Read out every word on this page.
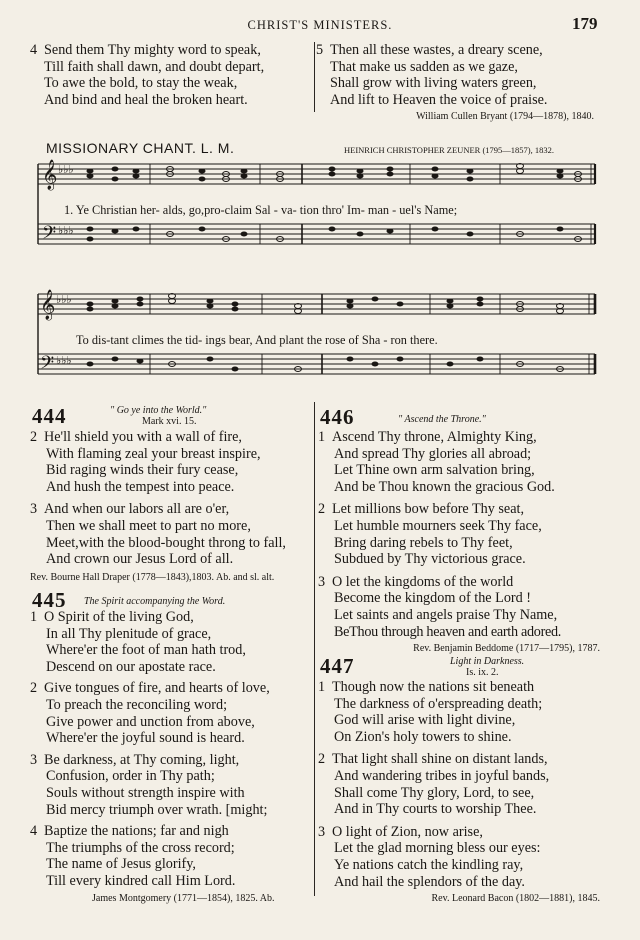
CHRIST'S MINISTERS.	179
4 Send them Thy mighty word to speak,
Till faith shall dawn, and doubt depart,
To awe the bold, to stay the weak,
And bind and heal the broken heart.
5 Then all these wastes, a dreary scene,
That make us sadden as we gaze,
Shall grow with living waters green,
And lift to Heaven the voice of praise.
William Cullen Bryant (1794—1878), 1840.
MISSIONARY CHANT. L. M.	HEINRICH CHRISTOPHER ZEUNER (1795—1857), 1832.
𝄞
𝄢
♭♭♭
♭♭♭
1. Ye Christian her- alds, go,pro-claim Sal - va- tion thro' Im- man - uel's Name;
𝄞
𝄢
♭♭♭
♭♭♭
To dis-tant climes the tid- ings bear, And plant the rose of Sha - ron there.
444	" Go ye into the World."
Mark xvi. 15.
2 He'll shield you with a wall of fire,
With flaming zeal your breast inspire,
Bid raging winds their fury cease,
And hush the tempest into peace.
3 And when our labors all are o'er,
Then we shall meet to part no more,
Meet,with the blood-bought throng to fall,
And crown our Jesus Lord of all.
Rev. Bourne Hall Draper (1778—1843),1803. Ab. and sl. alt.
445 The Spirit accompanying the Word.
1 O Spirit of the living God,
In all Thy plenitude of grace,
Where'er the foot of man hath trod,
Descend on our apostate race.
2 Give tongues of fire, and hearts of love,
To preach the reconciling word;
Give power and unction from above,
Where'er the joyful sound is heard.
3 Be darkness, at Thy coming, light,
Confusion, order in Thy path;
Souls without strength inspire with
Bid mercy triumph over wrath. [might;
4 Baptize the nations; far and nigh
The triumphs of the cross record;
The name of Jesus glorify,
Till every kindred call Him Lord.
James Montgomery (1771—1854), 1825. Ab.
446	" Ascend the Throne."
1 Ascend Thy throne, Almighty King,
And spread Thy glories all abroad;
Let Thine own arm salvation bring,
And be Thou known the gracious God.
2 Let millions bow before Thy seat,
Let humble mourners seek Thy face,
Bring daring rebels to Thy feet,
Subdued by Thy victorious grace.
3 O let the kingdoms of the world
Become the kingdom of the Lord !
Let saints and angels praise Thy Name,
BeThou through heaven and earth adored.
Rev. Benjamin Beddome (1717—1795), 1787.
447	Light in Darkness.
Is. ix. 2.
1 Though now the nations sit beneath
The darkness of o'erspreading death;
God will arise with light divine,
On Zion's holy towers to shine.
2 That light shall shine on distant lands,
And wandering tribes in joyful bands,
Shall come Thy glory, Lord, to see,
And in Thy courts to worship Thee.
3 O light of Zion, now arise,
Let the glad morning bless our eyes:
Ye nations catch the kindling ray,
And hail the splendors of the day.
Rev. Leonard Bacon (1802—1881), 1845.
